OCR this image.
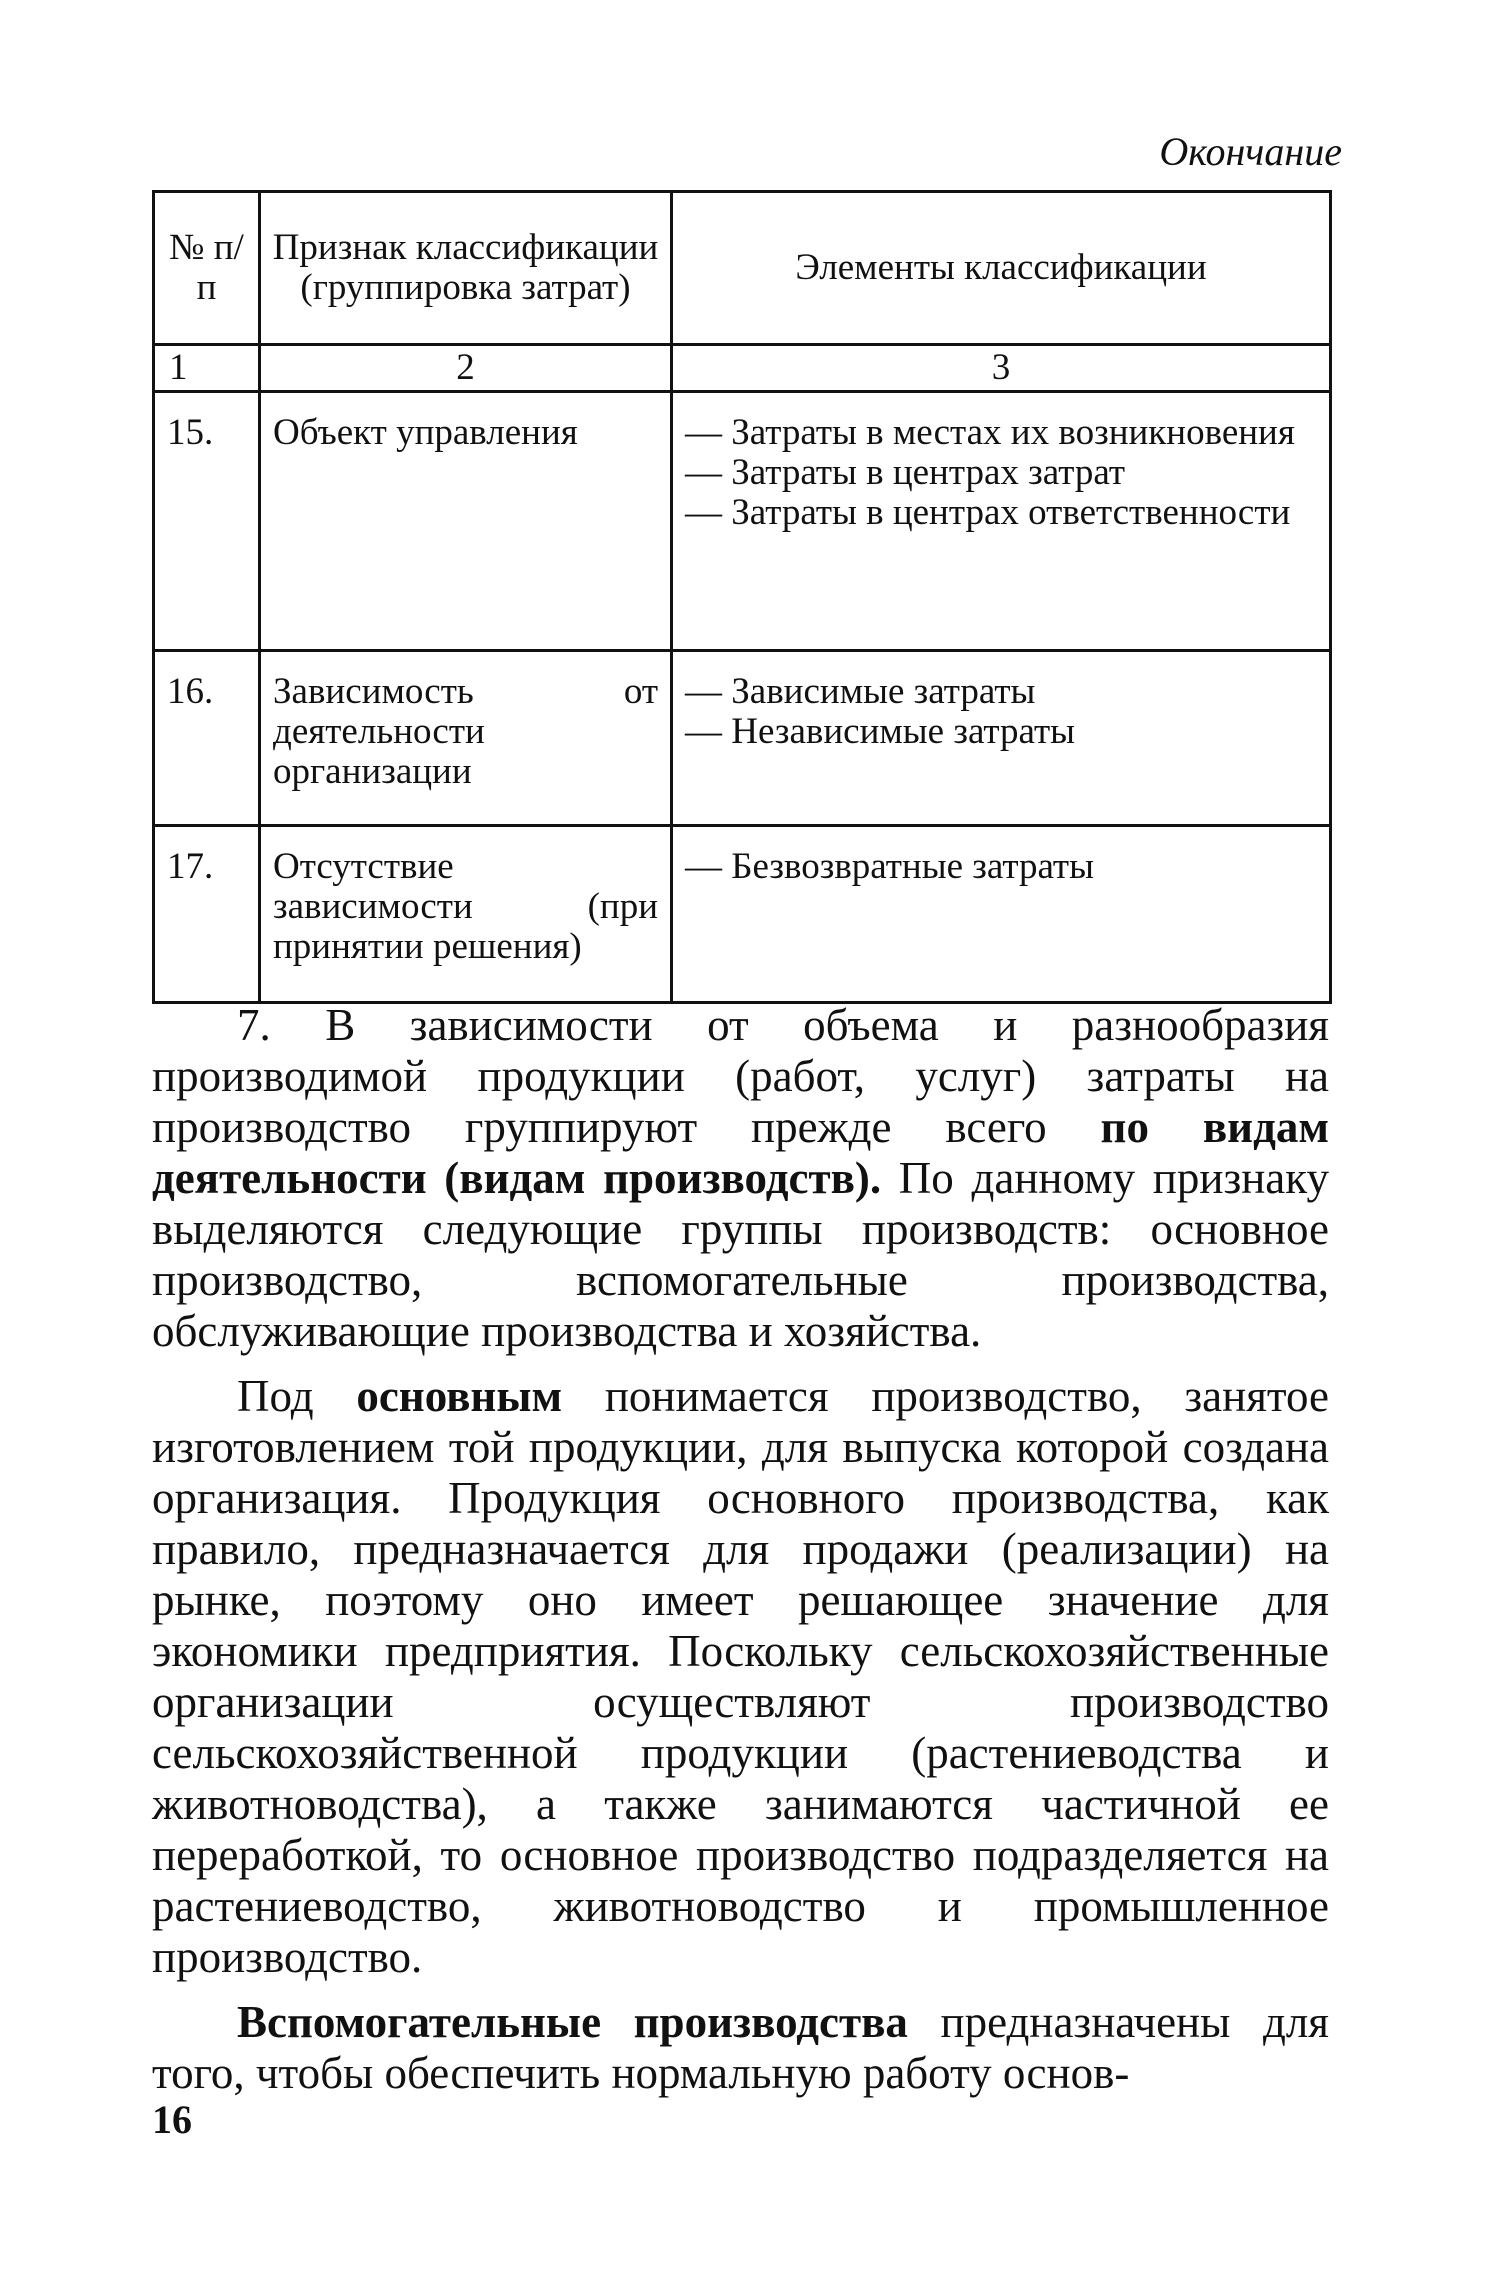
Окончание
№ п/п	Признак классификации (группировка затрат)	Элементы классификации
1	2	3
15.	Объект управления	— Затраты в местах их возникновения
— Затраты в центрах затрат
— Затраты в центрах ответственности

16.	Зависимость от деятельности организации	— Зависимые затраты
— Независимые затраты

17.	Отсутствие зависимости (при принятии решения)	— Безвозвратные затраты

7. В зависимости от объема и разнообразия производимой продукции (работ, услуг) затраты на производство группируют прежде всего по видам деятельности (видам производств). По данному признаку выделяются следующие группы производств: основное производство, вспомогательные производства, обслуживающие производства и хозяйства.

Под основным понимается производство, занятое изготовлением той продукции, для выпуска которой создана организация. Продукция основного производства, как правило, предназначается для продажи (реализации) на рынке, поэтому оно имеет решающее значение для экономики предприятия. Поскольку сельскохозяйственные организации осуществляют производство сельскохозяйственной продукции (растениеводства и животноводства), а также занимаются частичной ее переработкой, то основное производство подразделяется на растениеводство, животноводство и промышленное производство.

Вспомогательные производства предназначены для того, чтобы обеспечить нормальную работу основ-

16
